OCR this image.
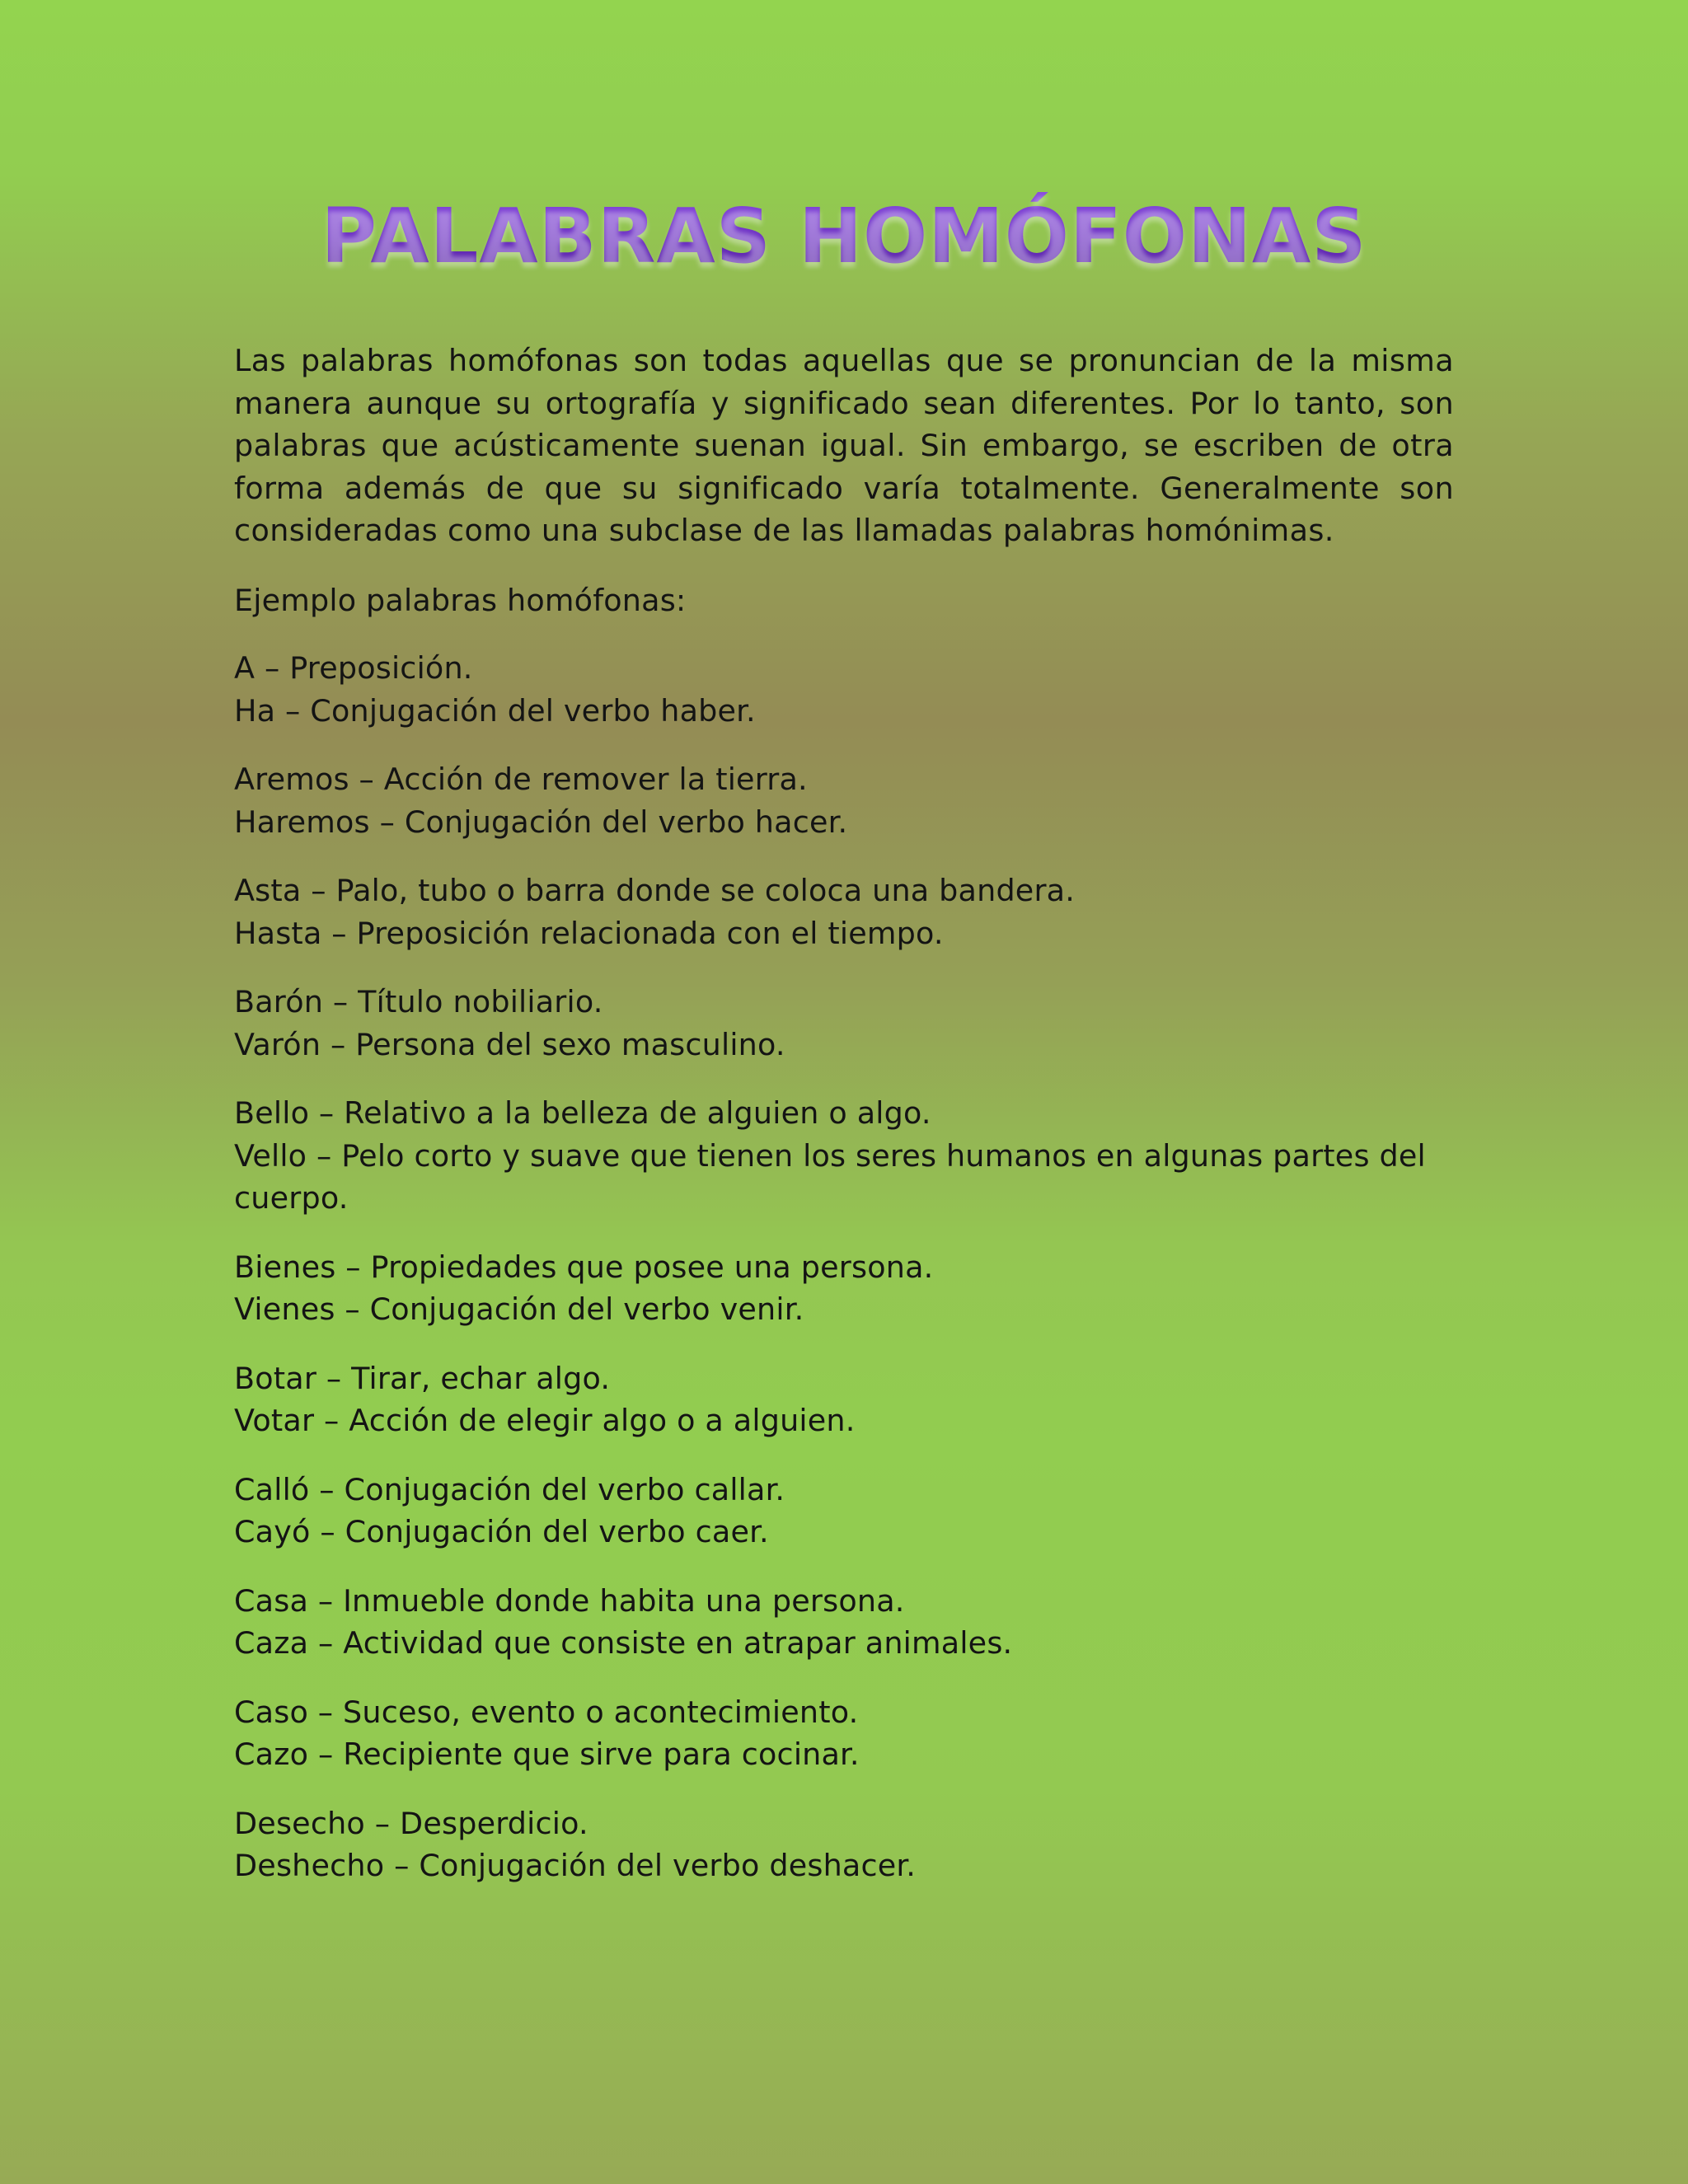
PALABRAS HOMÓFONAS

Las palabras homófonas son todas aquellas que se pronuncian de la misma manera aunque su ortografía y significado sean diferentes. Por lo tanto, son palabras que acústicamente suenan igual. Sin embargo, se escriben de otra forma además de que su significado varía totalmente. Generalmente son consideradas como una subclase de las llamadas palabras homónimas.

Ejemplo palabras homófonas:

A – Preposición.
Ha – Conjugación del verbo haber.
Aremos – Acción de remover la tierra.
Haremos – Conjugación del verbo hacer.
Asta – Palo, tubo o barra donde se coloca una bandera.
Hasta – Preposición relacionada con el tiempo.
Barón – Título nobiliario.
Varón – Persona del sexo masculino.
Bello – Relativo a la belleza de alguien o algo.
Vello – Pelo corto y suave que tienen los seres humanos en algunas partes del cuerpo.
Bienes – Propiedades que posee una persona.
Vienes – Conjugación del verbo venir.
Botar – Tirar, echar algo.
Votar – Acción de elegir algo o a alguien.
Calló – Conjugación del verbo callar.
Cayó – Conjugación del verbo caer.
Casa – Inmueble donde habita una persona.
Caza – Actividad que consiste en atrapar animales.
Caso – Suceso, evento o acontecimiento.
Cazo – Recipiente que sirve para cocinar.
Desecho – Desperdicio.
Deshecho – Conjugación del verbo deshacer.
